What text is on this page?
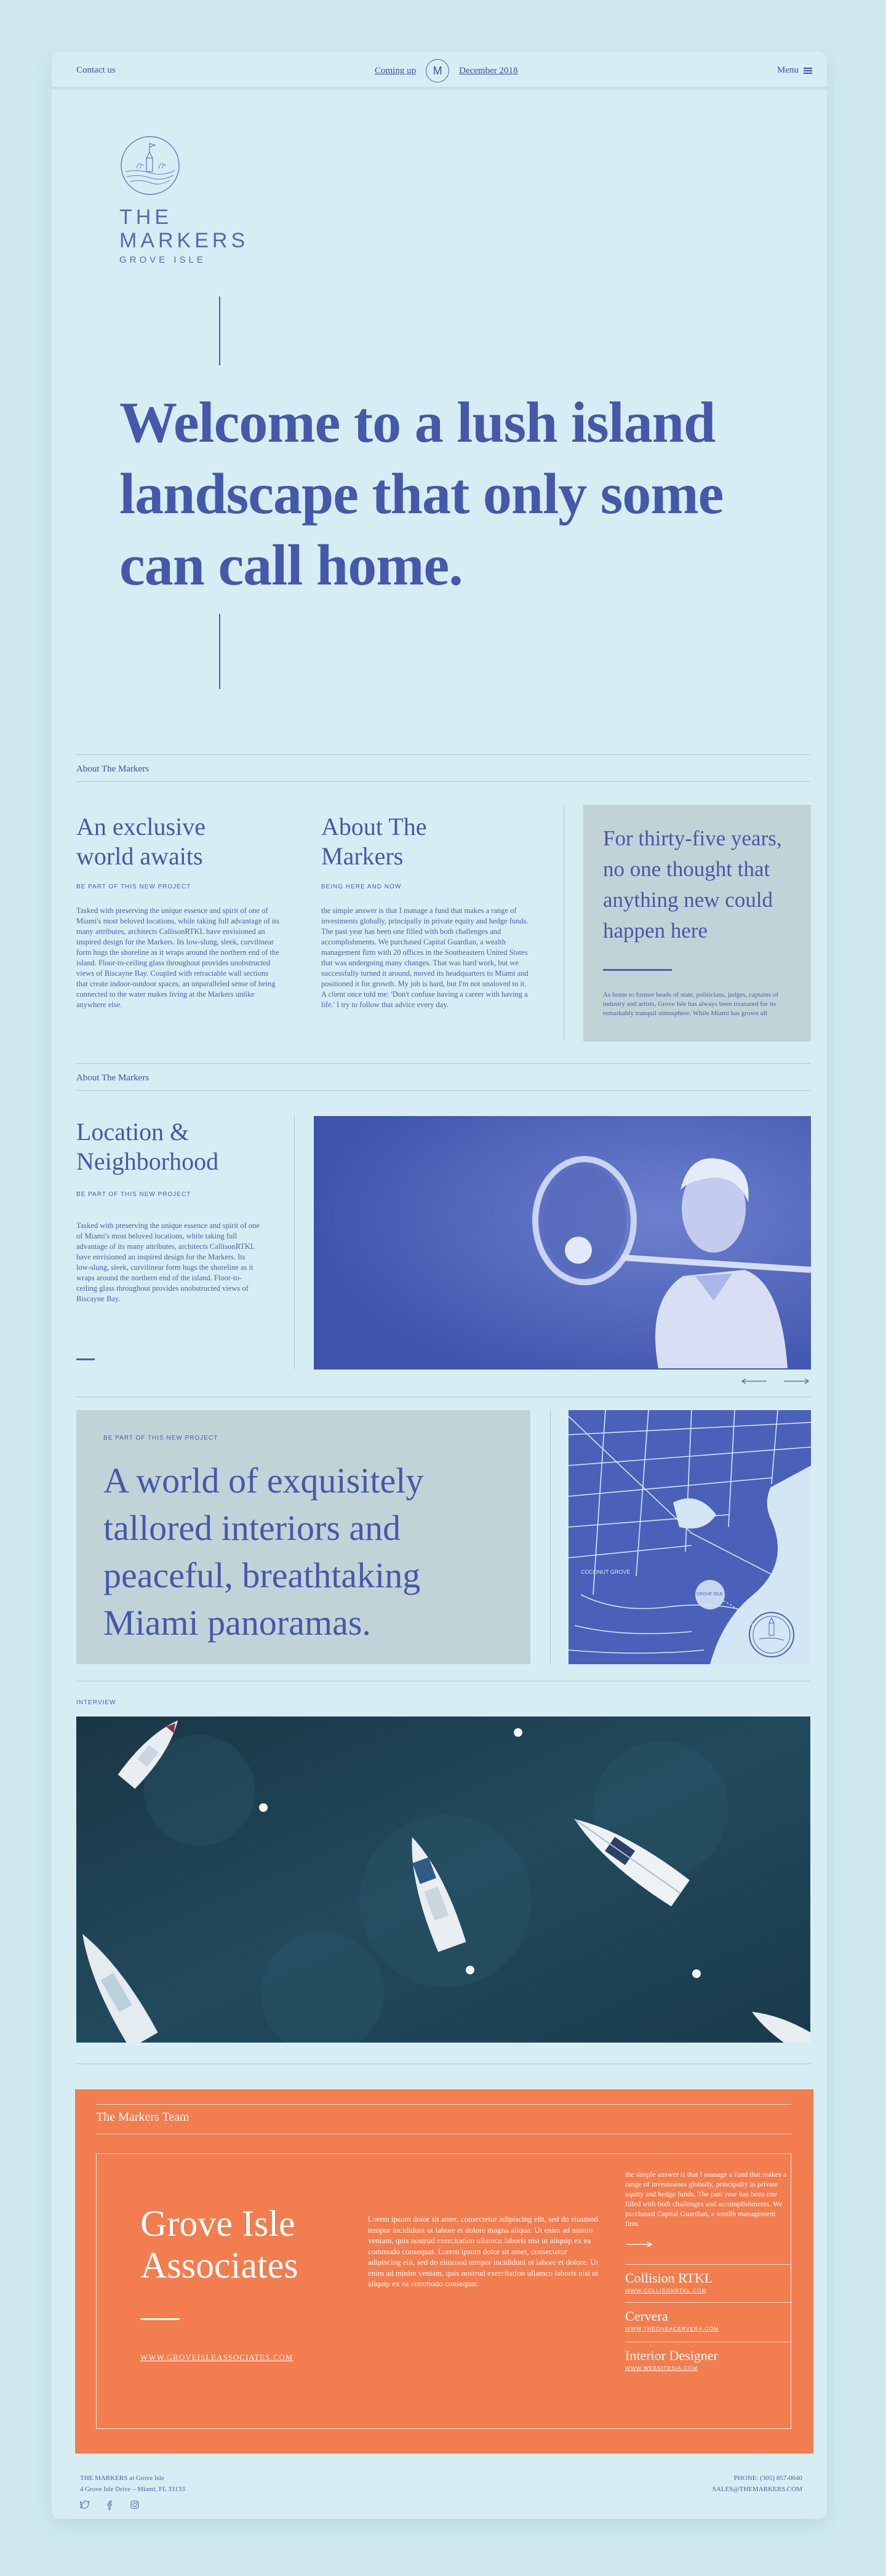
Contact us	Coming up	M	December 2018	Menu
THE
MARKERS
GROVE ISLE
Welcome to a lush island landscape that only some can call home.
About The Markers
An exclusive world awaits
BE PART OF THIS NEW PROJECT

Tasked with preserving the unique essence and spirit of one of Miami's most beloved locations, while taking full advantage of its many attributes, architects CallisonRTKL have envisioned an inspired design for the Markers. Its low-slung, sleek, curvilinear form hugs the shoreline as it wraps around the northern end of the island. Floor-to-ceiling glass throughout provides unobstructed views of Biscayne Bay. Coupled with retractable wall sections that create indoor-outdoor spaces, an unparalleled sense of being connected to the water makes living at the Markers unlike anywhere else.

About The Markers
BEING HERE AND NOW

the simple answer is that I manage a fund that makes a range of investments globally, principally in private equity and hedge funds. The past year has been one filled with both challenges and accomplishments. We purchased Capital Guardian, a wealth management firm with 20 offices in the Southeastern United States that was undergoing many changes. That was hard work, but we successfully turned it around, moved its headquarters to Miami and positioned it for growth. My job is hard, but I'm not unaloved to it. A client once told me: 'Don't confuse having a career with having a life.' I try to follow that advice every day.

For thirty-five years, no one thought that anything new could happen here

As home to former heads of state, politicians, judges, captains of industry and artists, Grove Isle has always been treasured for its remarkably tranquil atmosphere. While Miami has grown all

About The Markers
Location & Neighborhood
BE PART OF THIS NEW PROJECT

Tasked with preserving the unique essence and spirit of one of Miami's most beloved locations, while taking full advantage of its many attributes, architects CallisonRTKL have envisioned an inspired design for the Markers. Its low-slung, sleek, curvilinear form hugs the shoreline as it wraps around the northern end of the island. Floor-to-ceiling glass throughout provides unobstructed views of Biscayne Bay.

BE PART OF THIS NEW PROJECT
A world of exquisitely tallored interiors and peaceful, breathtaking Miami panoramas.
COCONUT GROVE
GROVE ISLE
INTERVIEW
The Markers Team
Grove Isle
Associates
WWW.GROVEISLEASSOCIATES.COM

Lorem ipsum dolor sit amet, consectetur adipiscing elit, sed do eiusmod tempor incididunt ut labore et dolore magna aliqua. Ut enim ad minim veniam, quis nostrud exercitation ullamco laboris nisi ut aliquip ex ea commodo consequat. Lorem ipsum dolor sit amet, consectetur adipiscing elit, sed do eiusmod tempor incididunt ut labore et dolore. Ut enim ad minim veniam, quis nostrud exercitation ullamco laboris nisi ut aliquip ex ea commodo consequat.

the simple answer is that I manage a fund that makes a range of investments globally, principally in private equity and hedge funds. The past year has been one filled with both challenges and accomplishments. We purchased Capital Guardian, a wealth management firm.

Collision RTKL
WWW.COLLISONRTKL.COM
Cervera
WWW.THEONEACERVERA.COM
Interior Designer
WWW.WEBSITESIA.COM
THE MARKERS at Grove Isle
4 Grove Isle Drive – Miami, FL 33133
PHONE: (305) 857-0640
SALES@THEMARKERS.COM
